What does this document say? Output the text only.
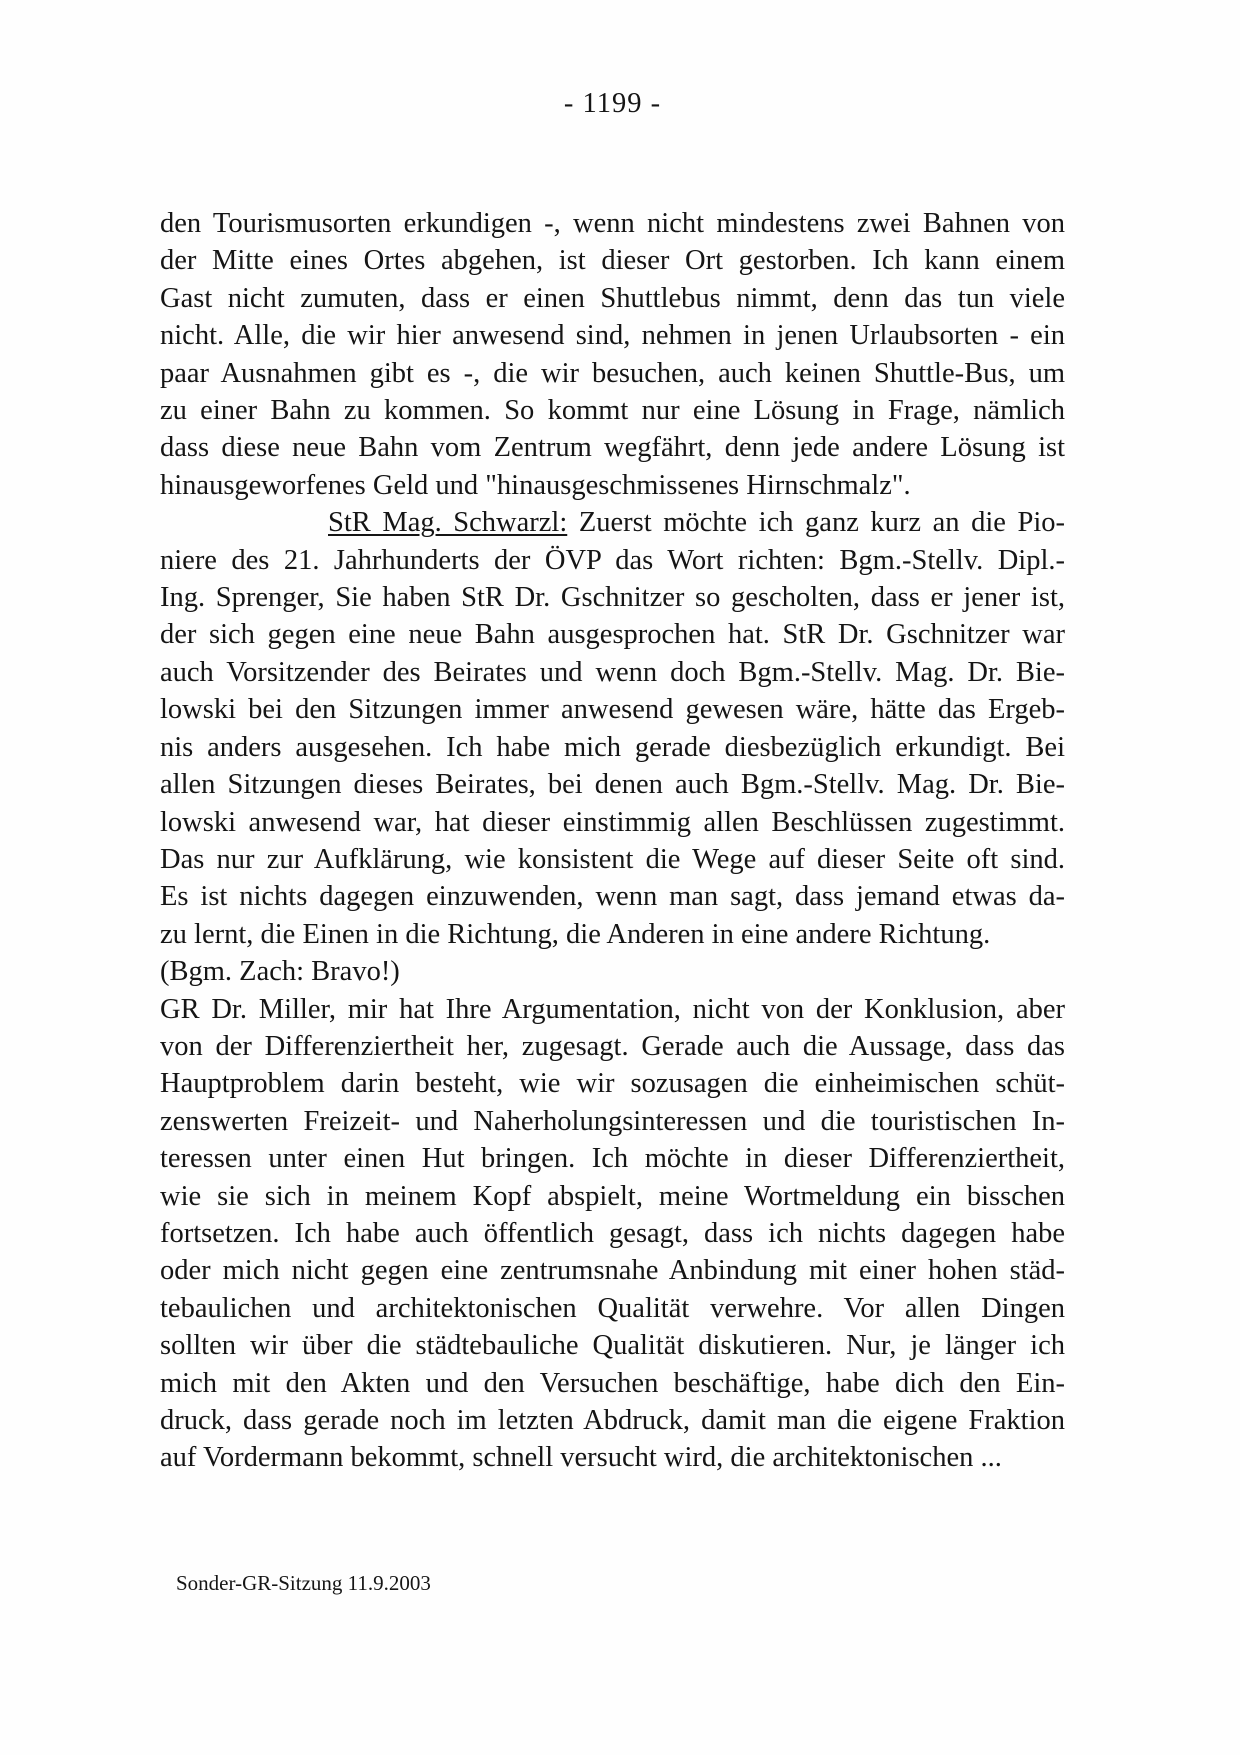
- 1199 -
den Tourismusorten erkundigen -, wenn nicht mindestens zwei Bahnen von
der Mitte eines Ortes abgehen, ist dieser Ort gestorben. Ich kann einem
Gast nicht zumuten, dass er einen Shuttlebus nimmt, denn das tun viele
nicht. Alle, die wir hier anwesend sind, nehmen in jenen Urlaubsorten - ein
paar Ausnahmen gibt es -, die wir besuchen, auch keinen Shuttle-Bus, um
zu einer Bahn zu kommen. So kommt nur eine Lösung in Frage, nämlich
dass diese neue Bahn vom Zentrum wegfährt, denn jede andere Lösung ist
hinausgeworfenes Geld und "hinausgeschmissenes Hirnschmalz".
StR Mag. Schwarzl: Zuerst möchte ich ganz kurz an die Pio-
niere des 21. Jahrhunderts der ÖVP das Wort richten: Bgm.-Stellv. Dipl.-
Ing. Sprenger, Sie haben StR Dr. Gschnitzer so gescholten, dass er jener ist,
der sich gegen eine neue Bahn ausgesprochen hat. StR Dr. Gschnitzer war
auch Vorsitzender des Beirates und wenn doch Bgm.-Stellv. Mag. Dr. Bie-
lowski bei den Sitzungen immer anwesend gewesen wäre, hätte das Ergeb-
nis anders ausgesehen. Ich habe mich gerade diesbezüglich erkundigt. Bei
allen Sitzungen dieses Beirates, bei denen auch Bgm.-Stellv. Mag. Dr. Bie-
lowski anwesend war, hat dieser einstimmig allen Beschlüssen zugestimmt.
Das nur zur Aufklärung, wie konsistent die Wege auf dieser Seite oft sind.
Es ist nichts dagegen einzuwenden, wenn man sagt, dass jemand etwas da-
zu lernt, die Einen in die Richtung, die Anderen in eine andere Richtung.
(Bgm. Zach: Bravo!)
GR Dr. Miller, mir hat Ihre Argumentation, nicht von der Konklusion, aber
von der Differenziertheit her, zugesagt. Gerade auch die Aussage, dass das
Hauptproblem darin besteht, wie wir sozusagen die einheimischen schüt-
zenswerten Freizeit- und Naherholungsinteressen und die touristischen In-
teressen unter einen Hut bringen. Ich möchte in dieser Differenziertheit,
wie sie sich in meinem Kopf abspielt, meine Wortmeldung ein bisschen
fortsetzen. Ich habe auch öffentlich gesagt, dass ich nichts dagegen habe
oder mich nicht gegen eine zentrumsnahe Anbindung mit einer hohen städ-
tebaulichen und architektonischen Qualität verwehre. Vor allen Dingen
sollten wir über die städtebauliche Qualität diskutieren. Nur, je länger ich
mich mit den Akten und den Versuchen beschäftige, habe dich den Ein-
druck, dass gerade noch im letzten Abdruck, damit man die eigene Fraktion
auf Vordermann bekommt, schnell versucht wird, die architektonischen ...
Sonder-GR-Sitzung 11.9.2003
